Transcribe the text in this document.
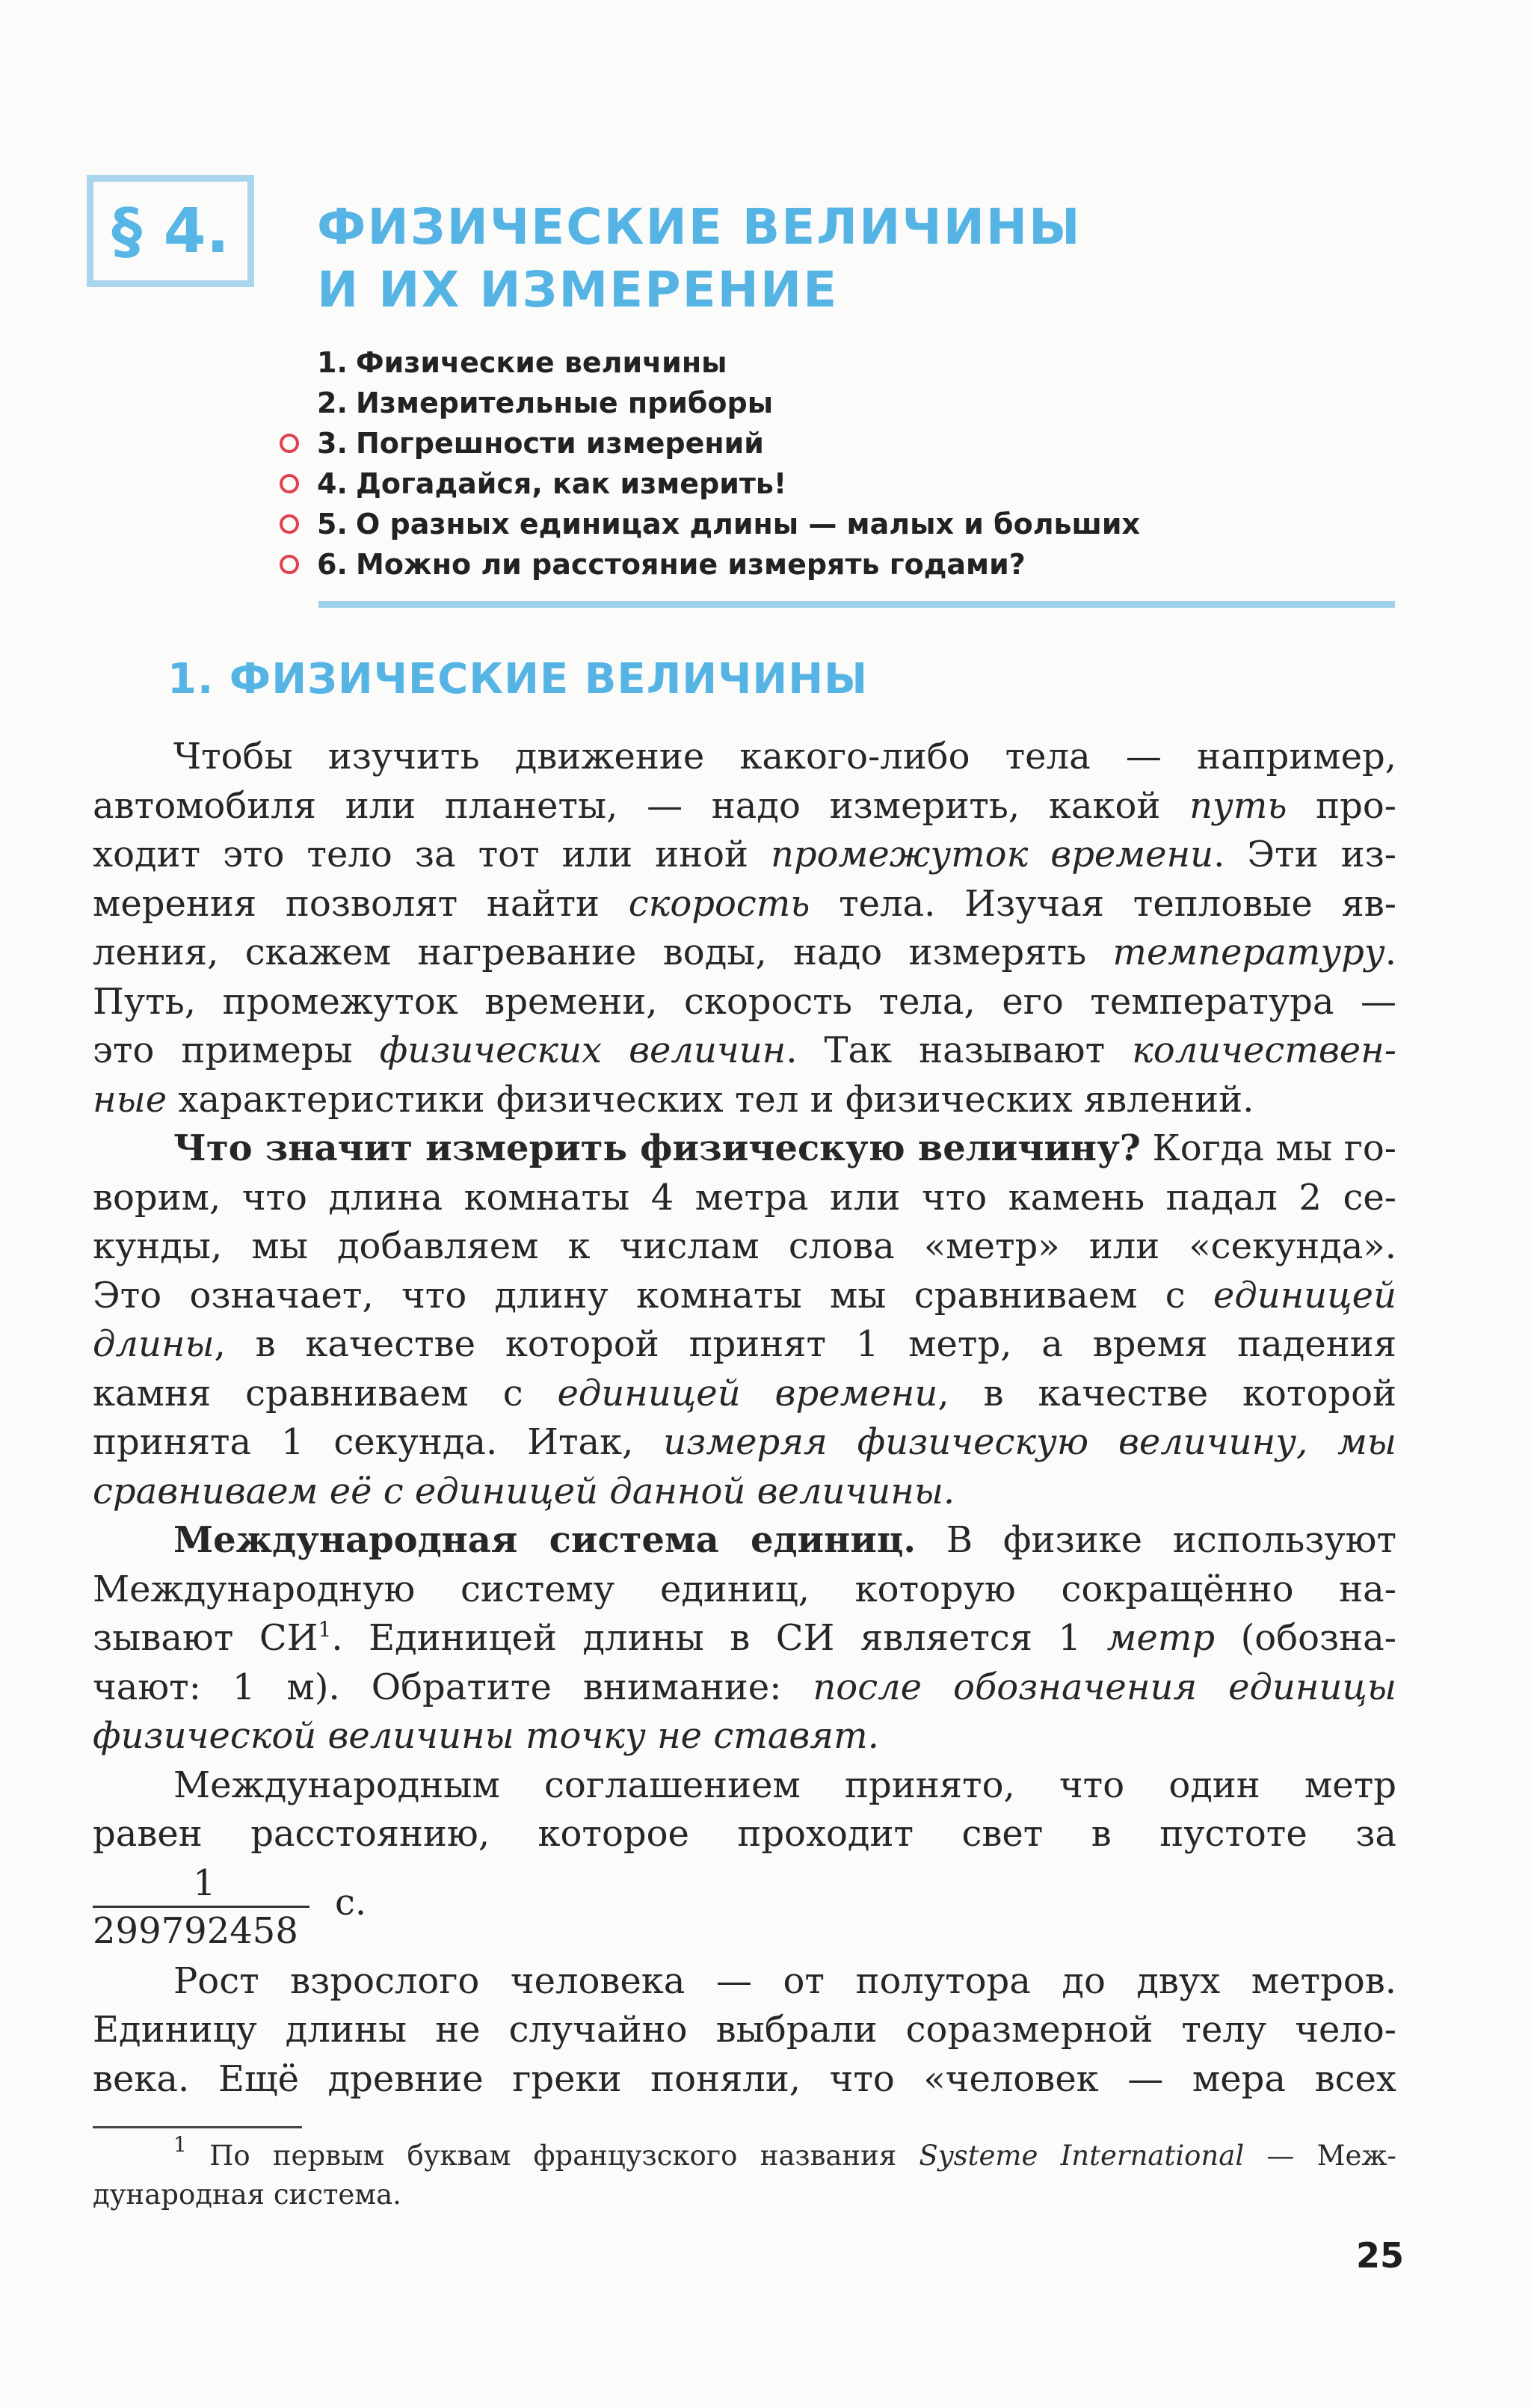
§ 4. ФИЗИЧЕСКИЕ ВЕЛИЧИНЫ
И ИХ ИЗМЕРЕНИЕ
1. Физические величины
2. Измерительные приборы
3. Погрешности измерений
4. Догадайся, как измерить!
5. О разных единицах длины — малых и больших
6. Можно ли расстояние измерять годами?
1. ФИЗИЧЕСКИЕ ВЕЛИЧИНЫ
Чтобы изучить движение какого-либо тела — например,
автомобиля или планеты, — надо измерить, какой путь про-
ходит это тело за тот или иной промежуток времени. Эти из-
мерения позволят найти скорость тела. Изучая тепловые яв-
ления, скажем нагревание воды, надо измерять температуру.
Путь, промежуток времени, скорость тела, его температура —
это примеры физических величин. Так называют количествен-
ные характеристики физических тел и физических явлений.
Что значит измерить физическую величину? Когда мы го-
ворим, что длина комнаты 4 метра или что камень падал 2 се-
кунды, мы добавляем к числам слова «метр» или «секунда».
Это означает, что длину комнаты мы сравниваем с единицей
длины, в качестве которой принят 1 метр, а время падения
камня сравниваем с единицей времени, в качестве которой
принята 1 секунда. Итак, измеряя физическую величину, мы
сравниваем её с единицей данной величины.
Международная система единиц. В физике используют
Международную систему единиц, которую сокращённо на-
зывают $СИ^1$. Единицей длины в СИ является 1 метр (обозна-
чают: 1 м). Обратите внимание: после обозначения единицы
физической величины точку не ставят.
Международным соглашением принято, что один метр
равен расстоянию, которое проходит свет в пустоте за
1
299792458
с.
Рост взрослого человека — от полутора до двух метров.
Единицу длины не случайно выбрали соразмерной телу чело-
века. Ещё древние греки поняли, что «человек — мера всех
$^1$ По первым буквам французского названия Systeme International — Меж-
дународная система.
25
